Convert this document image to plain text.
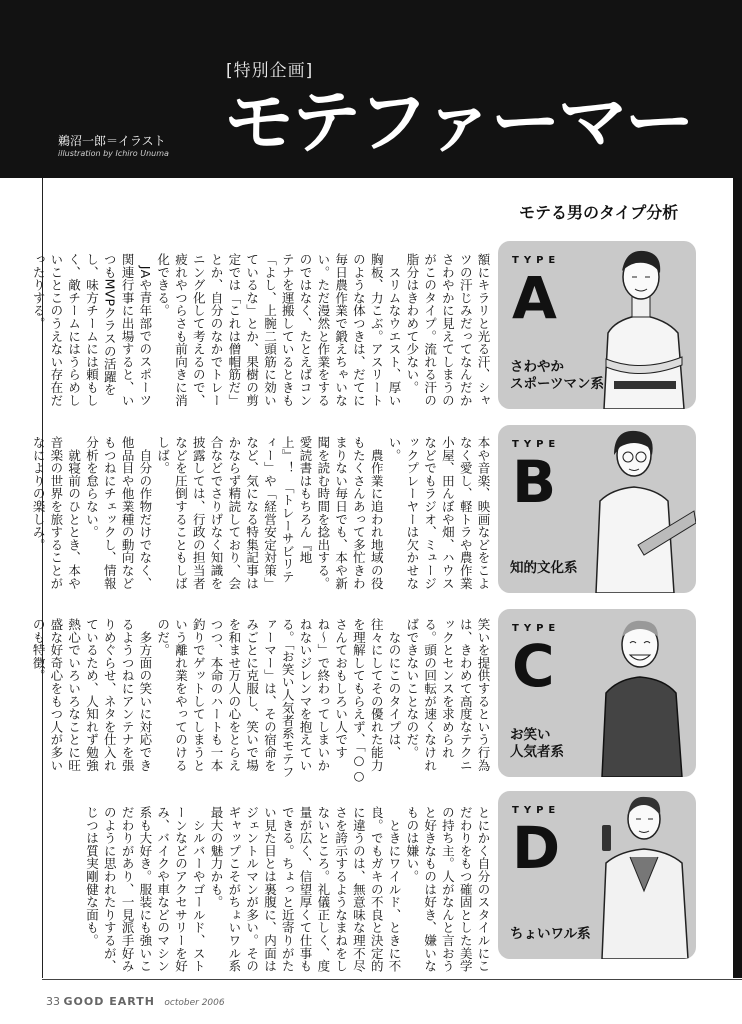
[特別企画]
モテファーマー
鵜沼一郎＝イラスト
illustration by Ichiro Unuma
モテる男のタイプ分析
額にキラリと光る汗、シャツの汗じみだってなんだかさわやかに見えてしまうのがこのタイプ。流れる汗の脂分はきわめて少ない。
　スリムなウエスト、厚い胸板、力こぶ。アスリートのような体つきは、だてに毎日農作業で鍛えちゃいない。ただ漫然と作業をするのではなく、たとえばコンテナを運搬しているときも「よし、上腕二頭筋に効いているな」とか、果樹の剪定では「これは僧帽筋だ」とか、自分のなかでトレーニング化して考えるので、疲れやつらさも前向きに消化できる。
　JAや青年部でのスポーツ関連行事に出場すると、いつもMVPクラスの活躍をし、味方チームには頼もしく、敵チームにはうらめしいことこのうえない存在だったりする。
本や音楽、映画などをこよなく愛し、軽トラや農作業小屋、田んぼや畑、ハウスなどでもラジオ、ミュージックプレーヤーは欠かせない。
　農作業に追われ地域の役もたくさんあって多忙きわまりない毎日でも、本や新聞を読む時間を捻出する。愛読書はもちろん『地上』！　「トレーサビリティー」や「経営安定対策」など、気になる特集記事はかならず精読しており、会合などでさりげなく知識を披露しては、行政の担当者などを圧倒することもしばしば。
　自分の作物だけでなく、他品目や他業種の動向などもつねにチェックし、情報分析を怠らない。
　就寝前のひととき、本や音楽の世界を旅することがなによりの楽しみ。
笑いを提供するという行為は、きわめて高度なテクニックとセンスを求められる。頭の回転が速くなければできないことなのだ。
　なのにこのタイプは、往々にしてその優れた能力を理解してもらえず、「○○さんておもしろい人ですね〜」で終わってしまいかねないジレンマを抱えている。「お笑い人気者系モテファーマー」は、その宿命をみごとに克服し、笑いで場を和ませ万人の心をとらえつつ、本命のハートも一本釣りでゲットしてしまうという離れ業をやってのけるのだ。
　多方面の笑いに対応できるようつねにアンテナを張りめぐらせ、ネタを仕入れているため、人知れず勉強熱心でいろいろなことに旺盛な好奇心をもつ人が多いのも特徴。
とにかく自分のスタイルにこだわりをもつ確固とした美学の持ち主。人がなんと言おうと好きなものは好き、嫌いなものは嫌い。
　ときにワイルド、ときに不良。でもガキの不良と決定的に違うのは、無意味な理不尽さを誇示するようなまねをしないところ。礼儀正しく、度量が広く、信望厚くて仕事もできる。ちょっと近寄りがたい見た目とは裏腹に、内面はジェントルマンが多い。そのギャップこそがちょいワル系最大の魅力かも。
　シルバーやゴールド、ストーンなどのアクセサリーを好み、バイクや車などのマシン系も大好き。服装にも強いこだわりがあり、一見派手好みのように思われたりするが、じつは質実剛健な面も。
TYPE
A
さわやか
スポーツマン系
TYPE
B
知的文化系
TYPE
C
お笑い
人気者系
TYPE
D
ちょいワル系
33 GOOD EARTH october 2006
